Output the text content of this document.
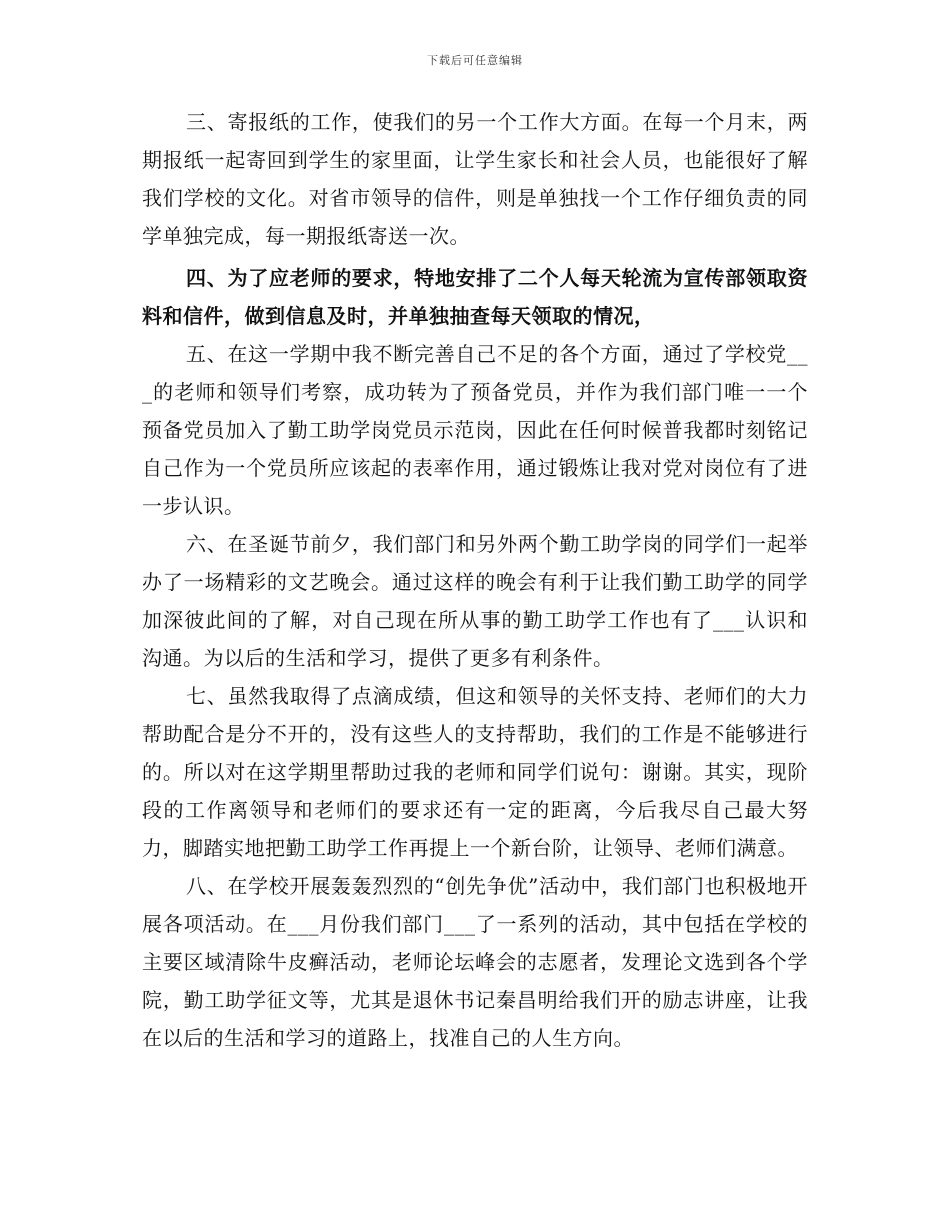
下载后可任意编辑

三、寄报纸的工作，使我们的另一个工作大方面。在每一个月末，两期报纸一起寄回到学生的家里面，让学生家长和社会人员，也能很好了解我们学校的文化。对省市领导的信件，则是单独找一个工作仔细负责的同学单独完成，每一期报纸寄送一次。

四、为了应老师的要求，特地安排了二个人每天轮流为宣传部领取资料和信件，做到信息及时，并单独抽查每天领取的情况，

五、在这一学期中我不断完善自己不足的各个方面，通过了学校党___的老师和领导们考察，成功转为了预备党员，并作为我们部门唯一一个预备党员加入了勤工助学岗党员示范岗，因此在任何时候普我都时刻铭记自己作为一个党员所应该起的表率作用，通过锻炼让我对党对岗位有了进一步认识。

六、在圣诞节前夕，我们部门和另外两个勤工助学岗的同学们一起举办了一场精彩的文艺晚会。通过这样的晚会有利于让我们勤工助学的同学加深彼此间的了解，对自己现在所从事的勤工助学工作也有了___认识和沟通。为以后的生活和学习，提供了更多有利条件。

七、虽然我取得了点滴成绩，但这和领导的关怀支持、老师们的大力帮助配合是分不开的，没有这些人的支持帮助，我们的工作是不能够进行的。所以对在这学期里帮助过我的老师和同学们说句：谢谢。其实，现阶段的工作离领导和老师们的要求还有一定的距离，今后我尽自己最大努力，脚踏实地把勤工助学工作再提上一个新台阶，让领导、老师们满意。

八、在学校开展轰轰烈烈的“创先争优”活动中，我们部门也积极地开展各项活动。在___月份我们部门___了一系列的活动，其中包括在学校的主要区域清除牛皮癣活动，老师论坛峰会的志愿者，发理论文选到各个学院，勤工助学征文等，尤其是退休书记秦昌明给我们开的励志讲座，让我在以后的生活和学习的道路上，找准自己的人生方向。
